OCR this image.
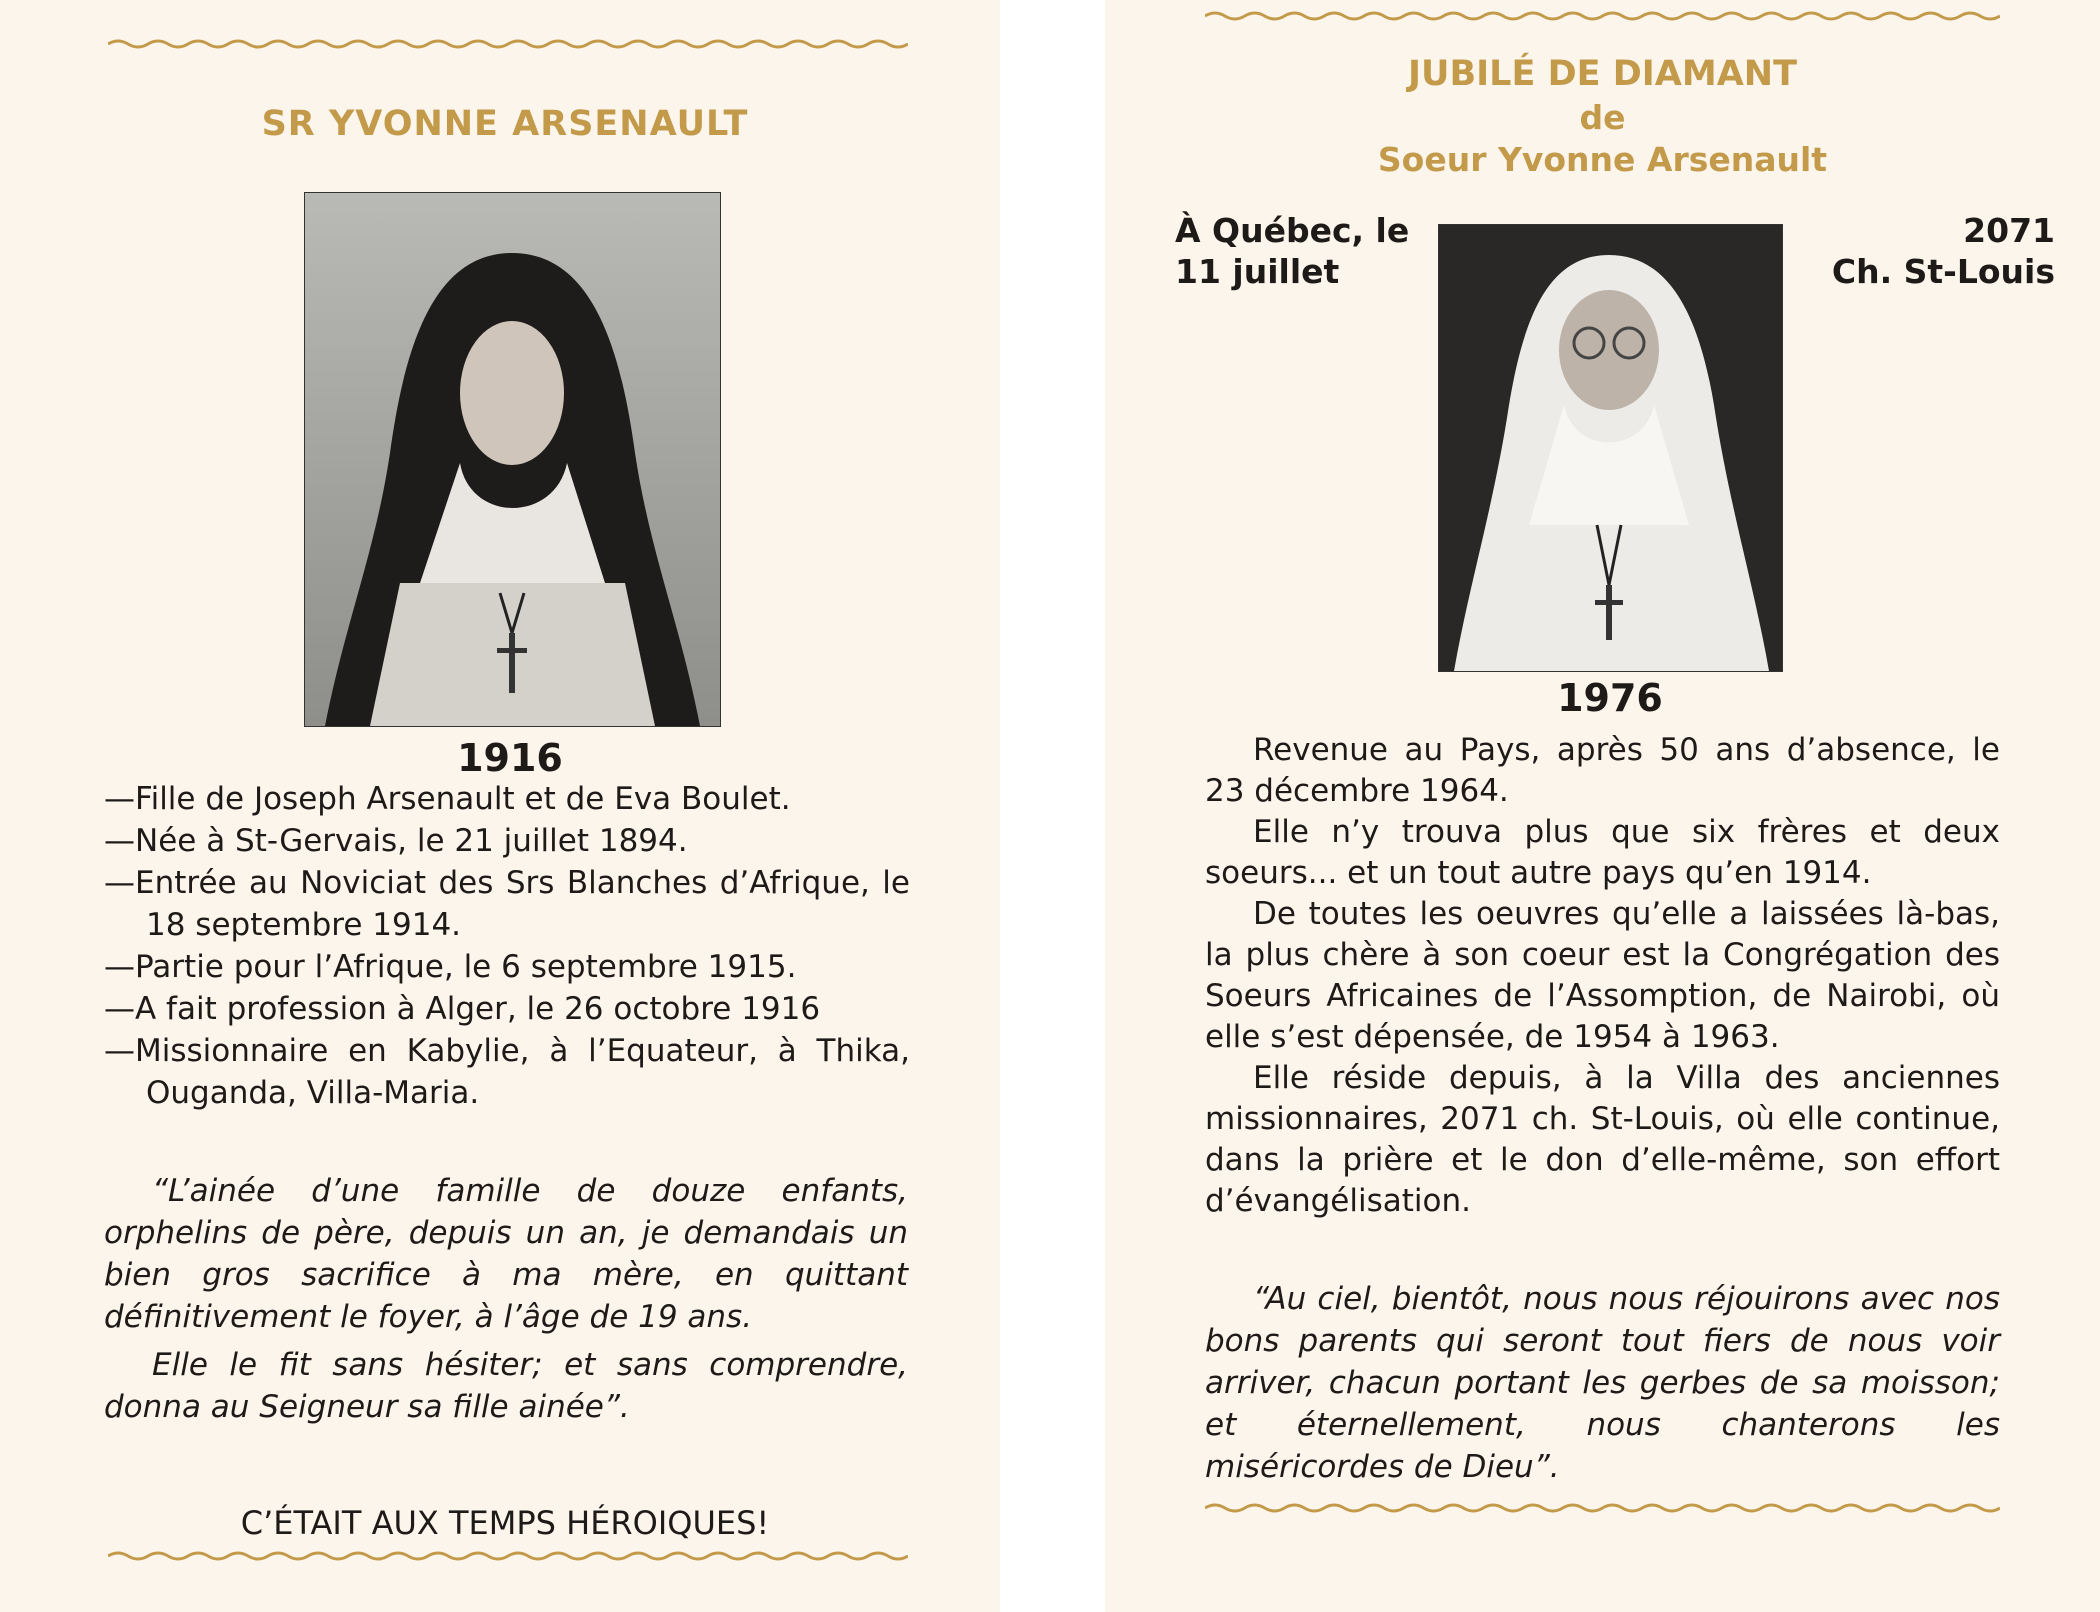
SR YVONNE ARSENAULT
1916
—Fille de Joseph Arsenault et de Eva Boulet.
—Née à St-Gervais, le 21 juillet 1894.
—Entrée au Noviciat des Srs Blanches d’Afrique, le 18 septembre 1914.
—Partie pour l’Afrique, le 6 septembre 1915.
—A fait profession à Alger, le 26 octobre 1916
—Missionnaire en Kabylie, à l’Equateur, à Thika, Ouganda, Villa-Maria.

“L’ainée d’une famille de douze enfants, orphelins de père, depuis un an, je demandais un bien gros sacrifice à ma mère, en quittant définitivement le foyer, à l’âge de 19 ans.

Elle le fit sans hésiter; et sans comprendre, donna au Seigneur sa fille ainée”.

C’ÉTAIT AUX TEMPS HÉROIQUES!
JUBILÉ DE DIAMANT
de
Soeur Yvonne Arsenault
À Québec, le
11 juillet
2071
Ch. St-Louis
1976

Revenue au Pays, après 50 ans d’absence, le 23 décembre 1964.

Elle n’y trouva plus que six frères et deux soeurs... et un tout autre pays qu’en 1914.

De toutes les oeuvres qu’elle a laissées là-bas, la plus chère à son coeur est la Congrégation des Soeurs Africaines de l’Assomption, de Nairobi, où elle s’est dépensée, de 1954 à 1963.

Elle réside depuis, à la Villa des anciennes missionnaires, 2071 ch. St-Louis, où elle continue, dans la prière et le don d’elle-même, son effort d’évangélisation.

“Au ciel, bientôt, nous nous réjouirons avec nos bons parents qui seront tout fiers de nous voir arriver, chacun portant les gerbes de sa moisson; et éternellement, nous chanterons les miséricordes de Dieu”.
